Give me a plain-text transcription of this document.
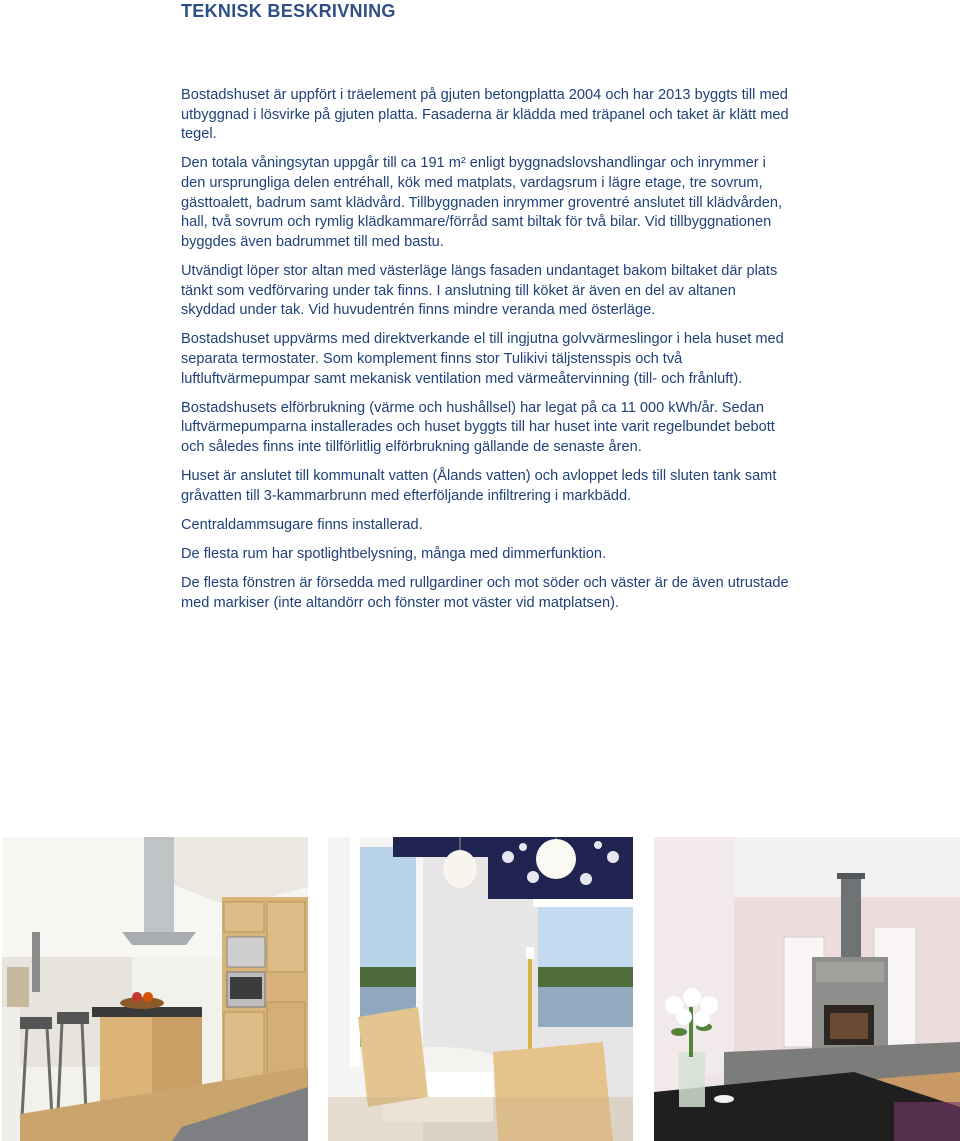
TEKNISK BESKRIVNING

Bostadshuset är uppfört i träelement på gjuten betongplatta 2004 och har 2013 byggts till med utbyggnad i lösvirke på gjuten platta. Fasaderna är klädda med träpanel och taket är klätt med tegel.

Den totala våningsytan uppgår till ca 191 m² enligt byggnadslovshandlingar och inrymmer i den ursprungliga delen entréhall, kök med matplats, vardagsrum i lägre etage, tre sovrum, gästtoalett, badrum samt klädvård. Tillbyggnaden inrymmer groventré anslutet till klädvården, hall, två sovrum och rymlig klädkammare/förråd samt biltak för två bilar. Vid tillbyggnationen byggdes även badrummet till med bastu.

Utvändigt löper stor altan med västerläge längs fasaden undantaget bakom biltaket där plats tänkt som vedförvaring under tak finns. I anslutning till köket är även en del av altanen skyddad under tak. Vid huvudentrén finns mindre veranda med österläge.

Bostadshuset uppvärms med direktverkande el till ingjutna golvvärmeslingor i hela huset med separata termostater. Som komplement finns stor Tulikivi täljstensspis och två luftluftvärmepumpar samt mekanisk ventilation med värmeåtervinning (till- och frånluft).

Bostadshusets elförbrukning (värme och hushållsel) har legat på ca 11 000 kWh/år. Sedan luftvärmepumparna installerades och huset byggts till har huset inte varit regelbundet bebott och således finns inte tillförlitlig elförbrukning gällande de senaste åren.

Huset är anslutet till kommunalt vatten (Ålands vatten) och avloppet leds till sluten tank samt gråvatten till 3-kammarbrunn med efterföljande infiltrering i markbädd.

Centraldammsugare finns installerad.

De flesta rum har spotlightbelysning, många med dimmerfunktion.

De flesta fönstren är försedda med rullgardiner och mot söder och väster är de även utrustade med markiser (inte altandörr och fönster mot väster vid matplatsen).
